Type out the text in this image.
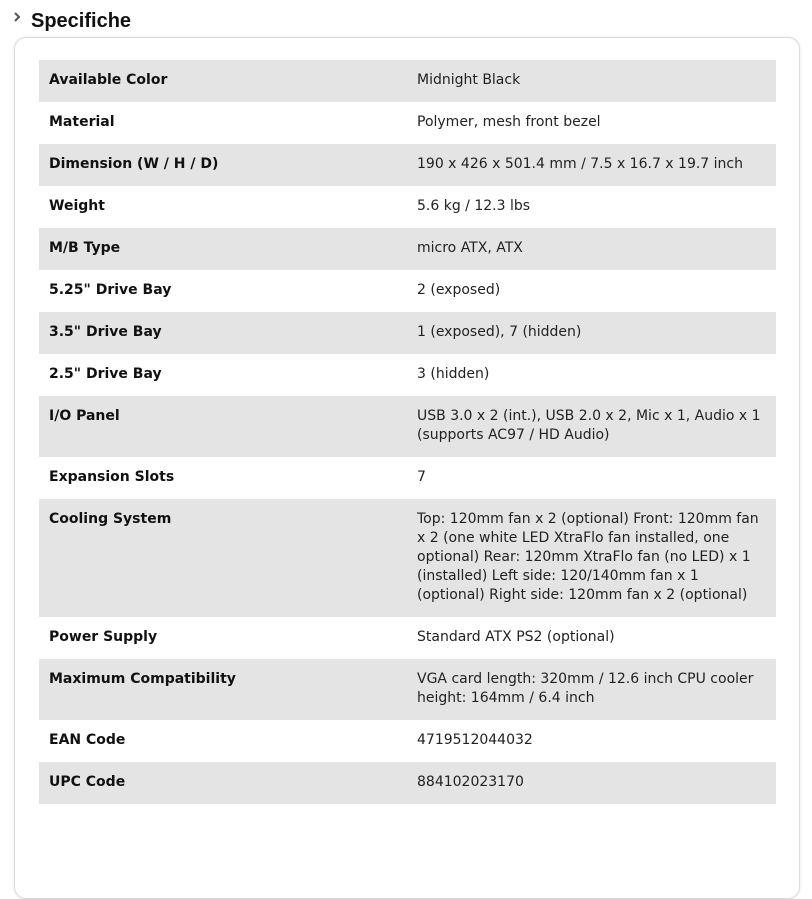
Specifiche
Available Color	Midnight Black
Material	Polymer, mesh front bezel
Dimension (W / H / D)	190 x 426 x 501.4 mm / 7.5 x 16.7 x 19.7 inch
Weight	5.6 kg / 12.3 lbs
M/B Type	micro ATX, ATX
5.25" Drive Bay	2 (exposed)
3.5" Drive Bay	1 (exposed), 7 (hidden)
2.5" Drive Bay	3 (hidden)
I/O Panel	USB 3.0 x 2 (int.), USB 2.0 x 2, Mic x 1, Audio x 1 (supports AC97 / HD Audio)
Expansion Slots	7
Cooling System	Top: 120mm fan x 2 (optional) Front: 120mm fan x 2 (one white LED XtraFlo fan installed, one optional) Rear: 120mm XtraFlo fan (no LED) x 1 (installed) Left side: 120/140mm fan x 1 (optional) Right side: 120mm fan x 2 (optional)
Power Supply	Standard ATX PS2 (optional)
Maximum Compatibility	VGA card length: 320mm / 12.6 inch CPU cooler height: 164mm / 6.4 inch
EAN Code	4719512044032
UPC Code	884102023170
